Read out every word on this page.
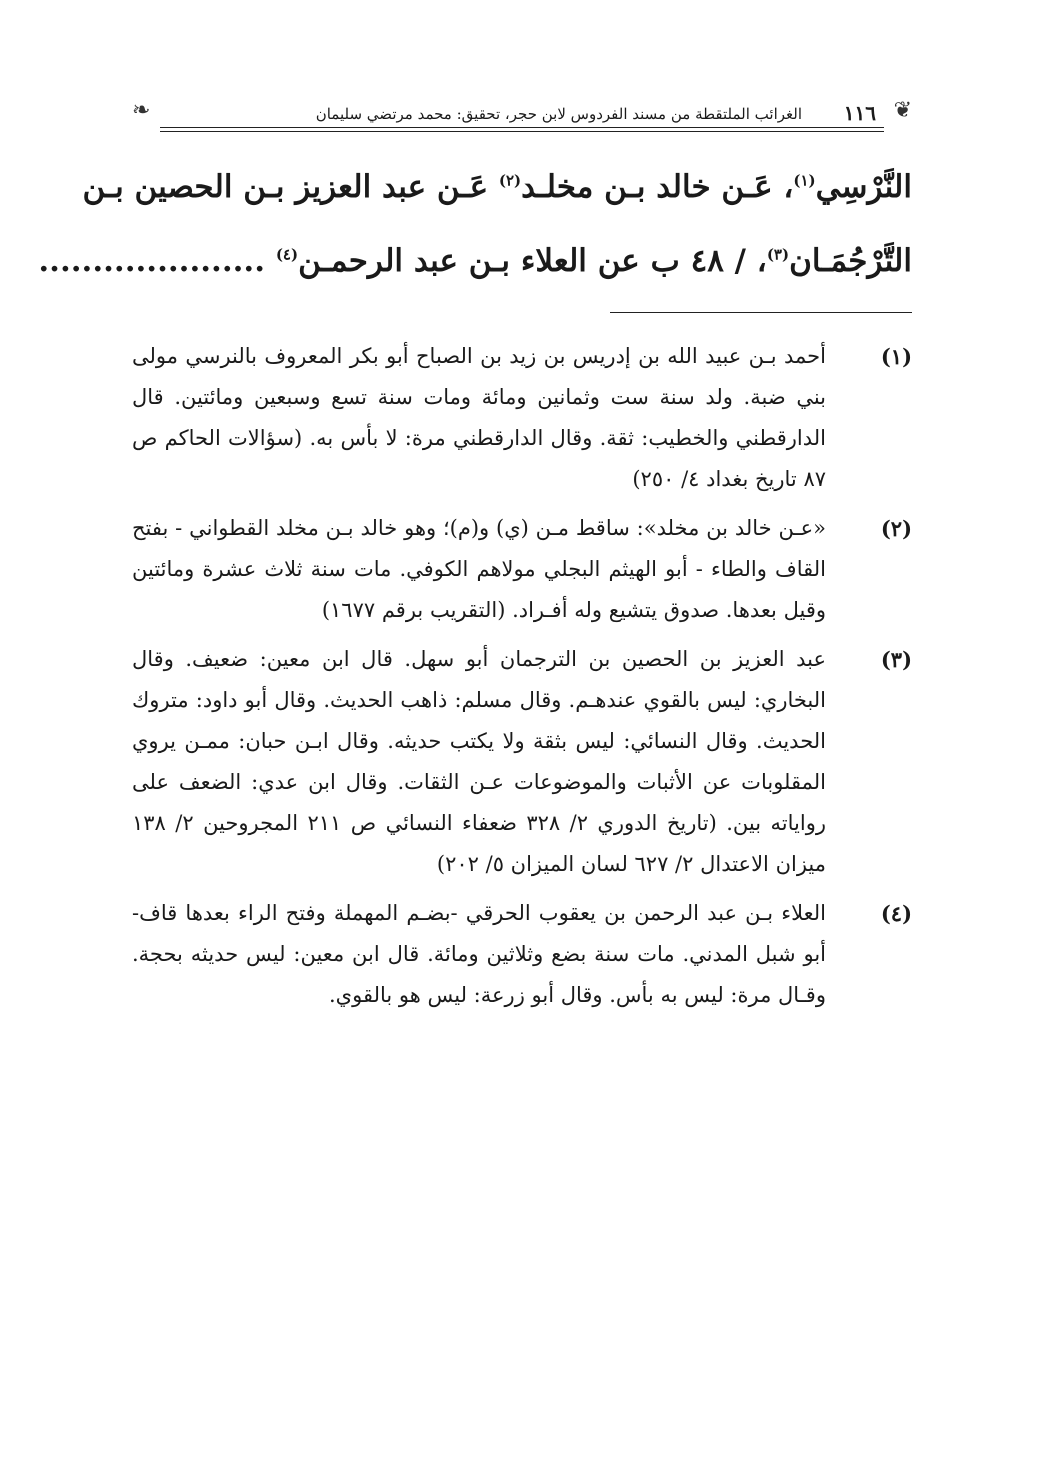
❦
١١٦
الغرائب الملتقطة من مسند الفردوس لابن حجر، تحقيق: محمد مرتضي سليمان
❧
النَّرْسِي$^{(١)}$، عَـن خالد بـن مخلـد$^{(٢)}$ عَـن عبد العزيز بـن الحصين بـن
التَّرْجُمَـان$^{(٣)}$، / ٤٨ ب عن العلاء بـن عبد الرحمـن$^{(٤)}$ .....................
(١)
أحمد بـن عبيد الله بن إدريس بن زيد بن الصباح أبو بكر المعروف بالنرسي مولى بني ضبة. ولد سنة ست وثمانين ومائة ومات سنة تسع وسبعين ومائتين. قال الدارقطني والخطيب: ثقة. وقال الدارقطني مرة: لا بأس به. (سؤالات الحاكم ص ٨٧ تاريخ بغداد ٤/ ٢٥٠)
(٢)
«عـن خالد بن مخلد»: ساقط مـن (ي) و(م)؛ وهو خالد بـن مخلد القطواني - بفتح القاف والطاء - أبو الهيثم البجلي مولاهم الكوفي. مات سنة ثلاث عشرة ومائتين وقيل بعدها. صدوق يتشيع وله أفـراد. (التقريب برقم ١٦٧٧)
(٣)
عبد العزيز بن الحصين بن الترجمان أبو سهل. قال ابن معين: ضعيف. وقال البخاري: ليس بالقوي عندهـم. وقال مسلم: ذاهب الحديث. وقال أبو داود: متروك الحديث. وقال النسائي: ليس بثقة ولا يكتب حديثه. وقال ابـن حبان: ممـن يروي المقلوبات عن الأثبات والموضوعات عـن الثقات. وقال ابن عدي: الضعف على رواياته بين. (تاريخ الدوري ٢/ ٣٢٨ ضعفاء النسائي ص ٢١١ المجروحين ٢/ ١٣٨ ميزان الاعتدال ٢/ ٦٢٧ لسان الميزان ٥/ ٢٠٢)
(٤)
العلاء بـن عبد الرحمن بن يعقوب الحرقي -بضـم المهملة وفتح الراء بعدها قاف- أبو شبل المدني. مات سنة بضع وثلاثين ومائة. قال ابن معين: ليس حديثه بحجة. وقـال مرة: ليس به بأس. وقال أبو زرعة: ليس هو بالقوي.
